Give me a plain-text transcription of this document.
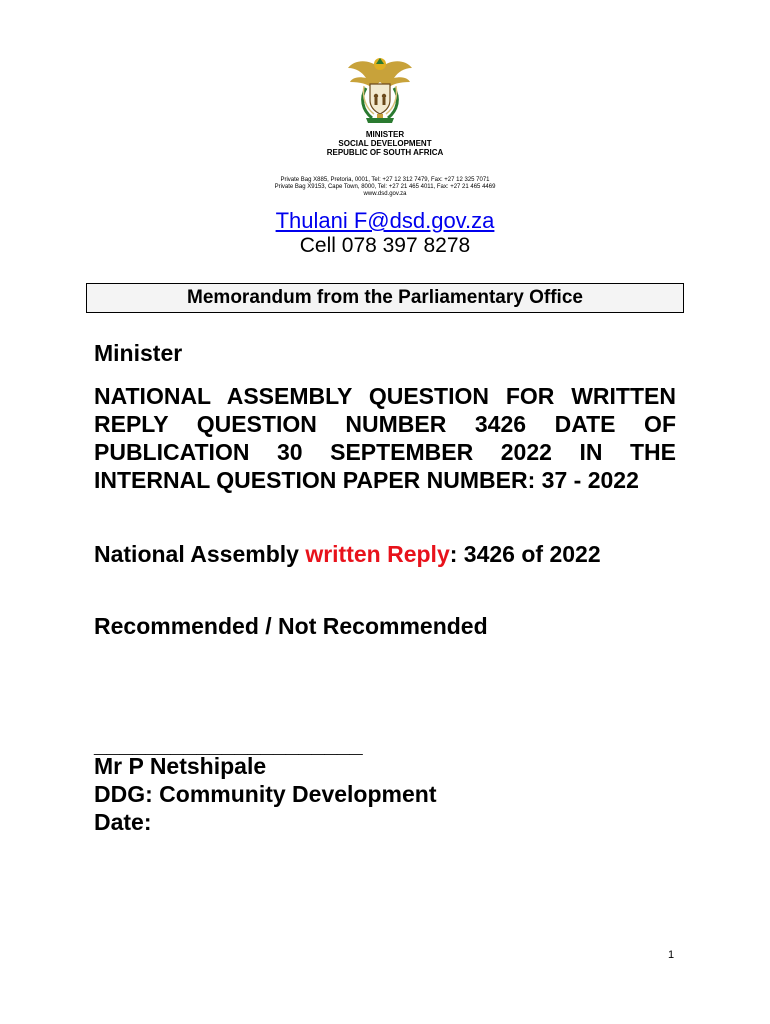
MINISTER
SOCIAL DEVELOPMENT
REPUBLIC OF SOUTH AFRICA
Private Bag X885, Pretoria, 0001, Tel: +27 12 312 7479, Fax: +27 12 325 7071
Private Bag X9153, Cape Town, 8000, Tel: +27 21 465 4011, Fax: +27 21 465 4469
www.dsd.gov.za
Thulani F@dsd.gov.za
Cell 078 397 8278
Memorandum from the Parliamentary Office
Minister
NATIONAL ASSEMBLY QUESTION FOR WRITTEN REPLY QUESTION NUMBER 3426 DATE OF PUBLICATION 30 SEPTEMBER 2022 IN THE INTERNAL QUESTION PAPER NUMBER: 37 - 2022
National Assembly written Reply: 3426 of 2022
Recommended / Not Recommended
_____________________
Mr P Netshipale
DDG: Community Development
Date:
1
